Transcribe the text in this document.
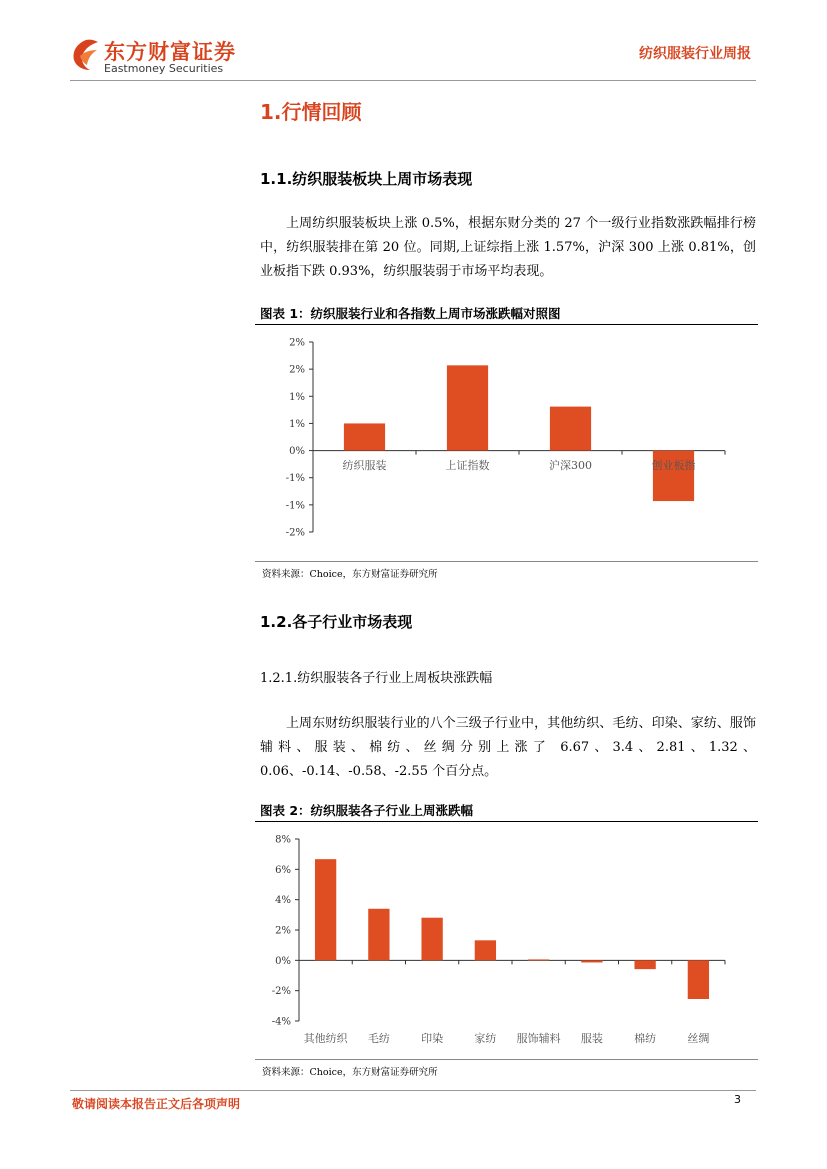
东方财富证券
Eastmoney Securities
纺织服装行业周报
1.行情回顾
1.1.纺织服装板块上周市场表现
上周纺织服装板块上涨 0.5%，根据东财分类的 27 个一级行业指数涨跌幅排行榜中，纺织服装排在第 20 位。同期,上证综指上涨 1.57%，沪深 300 上涨 0.81%，创业板指下跌 0.93%，纺织服装弱于市场平均表现。
图表 1：纺织服装行业和各指数上周市场涨跌幅对照图
2%
2%
1%
1%
0%
-1%
-1%
-2%
纺织服装	上证指数	沪深300	创业板指
资料来源：Choice，东方财富证券研究所
1.2.各子行业市场表现
1.2.1.纺织服装各子行业上周板块涨跌幅
上周东财纺织服装行业的八个三级子行业中，其他纺织、毛纺、印染、家纺、服饰辅料、服装、棉纺、丝绸分别上涨了 6.67、3.4、2.81、1.32、0.06、-0.14、-0.58、-2.55 个百分点。
图表 2：纺织服装各子行业上周涨跌幅
8%
6%
4%
2%
0%
-2%
-4%
其他纺织 毛纺	印染	家纺 服饰辅料 服装	棉纺	丝绸
资料来源：Choice，东方财富证券研究所
敬请阅读本报告正文后各项声明	3
